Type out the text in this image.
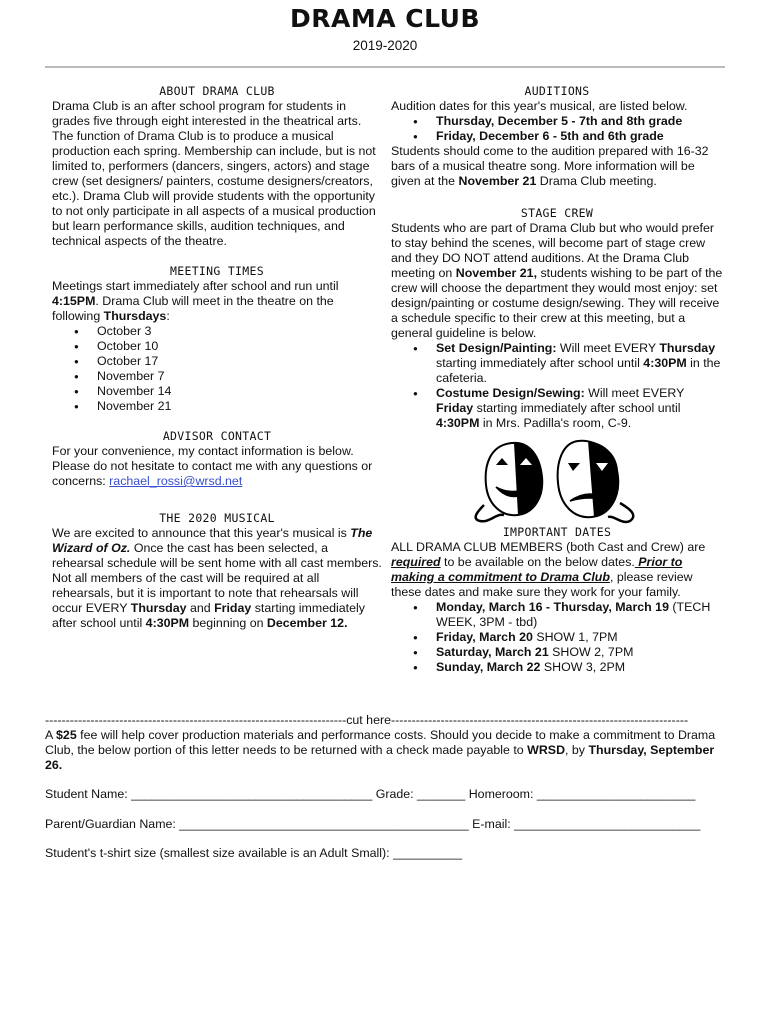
DRAMA CLUB
2019-2020

ABOUT DRAMA CLUB

Drama Club is an after school program for students in grades five through eight interested in the theatrical arts. The function of Drama Club is to produce a musical production each spring. Membership can include, but is not limited to, performers (dancers, singers, actors) and stage crew (set designers/ painters, costume designers/creators, etc.). Drama Club will provide students with the opportunity to not only participate in all aspects of a musical production but learn performance skills, audition techniques, and technical aspects of the theatre.

MEETING TIMES

Meetings start immediately after school and run until 4:15PM. Drama Club will meet in the theatre on the following Thursdays:

● October 3
● October 10
● October 17
● November 7
● November 14
● November 21

ADVISOR CONTACT

For your convenience, my contact information is below. Please do not hesitate to contact me with any questions or concerns: rachael_rossi@wrsd.net

THE 2020 MUSICAL

We are excited to announce that this year's musical is The Wizard of Oz. Once the cast has been selected, a rehearsal schedule will be sent home with all cast members. Not all members of the cast will be required at all rehearsals, but it is important to note that rehearsals will occur EVERY Thursday and Friday starting immediately after school until 4:30PM beginning on December 12.

AUDITIONS

Audition dates for this year's musical, are listed below.

● Thursday, December 5 - 7th and 8th grade
● Friday, December 6 - 5th and 6th grade

Students should come to the audition prepared with 16-32 bars of a musical theatre song. More information will be given at the November 21 Drama Club meeting.

STAGE CREW

Students who are part of Drama Club but who would prefer to stay behind the scenes, will become part of stage crew and they DO NOT attend auditions. At the Drama Club meeting on November 21, students wishing to be part of the crew will choose the department they would most enjoy: set design/painting or costume design/sewing. They will receive a schedule specific to their crew at this meeting, but a general guideline is below.

● Set Design/Painting: Will meet EVERY Thursday starting immediately after school until 4:30PM in the cafeteria.
● Costume Design/Sewing: Will meet EVERY Friday starting immediately after school until 4:30PM in Mrs. Padilla's room, C-9.

IMPORTANT DATES

ALL DRAMA CLUB MEMBERS (both Cast and Crew) are required to be available on the below dates. Prior to making a commitment to Drama Club, please review these dates and make sure they work for your family.

● Monday, March 16 - Thursday, March 19 (TECH WEEK, 3PM - tbd)
● Friday, March 20 SHOW 1, 7PM
● Saturday, March 21 SHOW 2, 7PM
● Sunday, March 22 SHOW 3, 2PM
-------------------------------------------------------------------------cut here------------------------------------------------------------------------
A $25 fee will help cover production materials and performance costs. Should you decide to make a commitment to Drama Club, the below portion of this letter needs to be returned with a check made payable to WRSD, by Thursday, September 26.
Student Name: ___________________________________ Grade: _______ Homeroom: _______________________
Parent/Guardian Name: __________________________________________ E-mail: ___________________________
Student's t-shirt size (smallest size available is an Adult Small): __________
